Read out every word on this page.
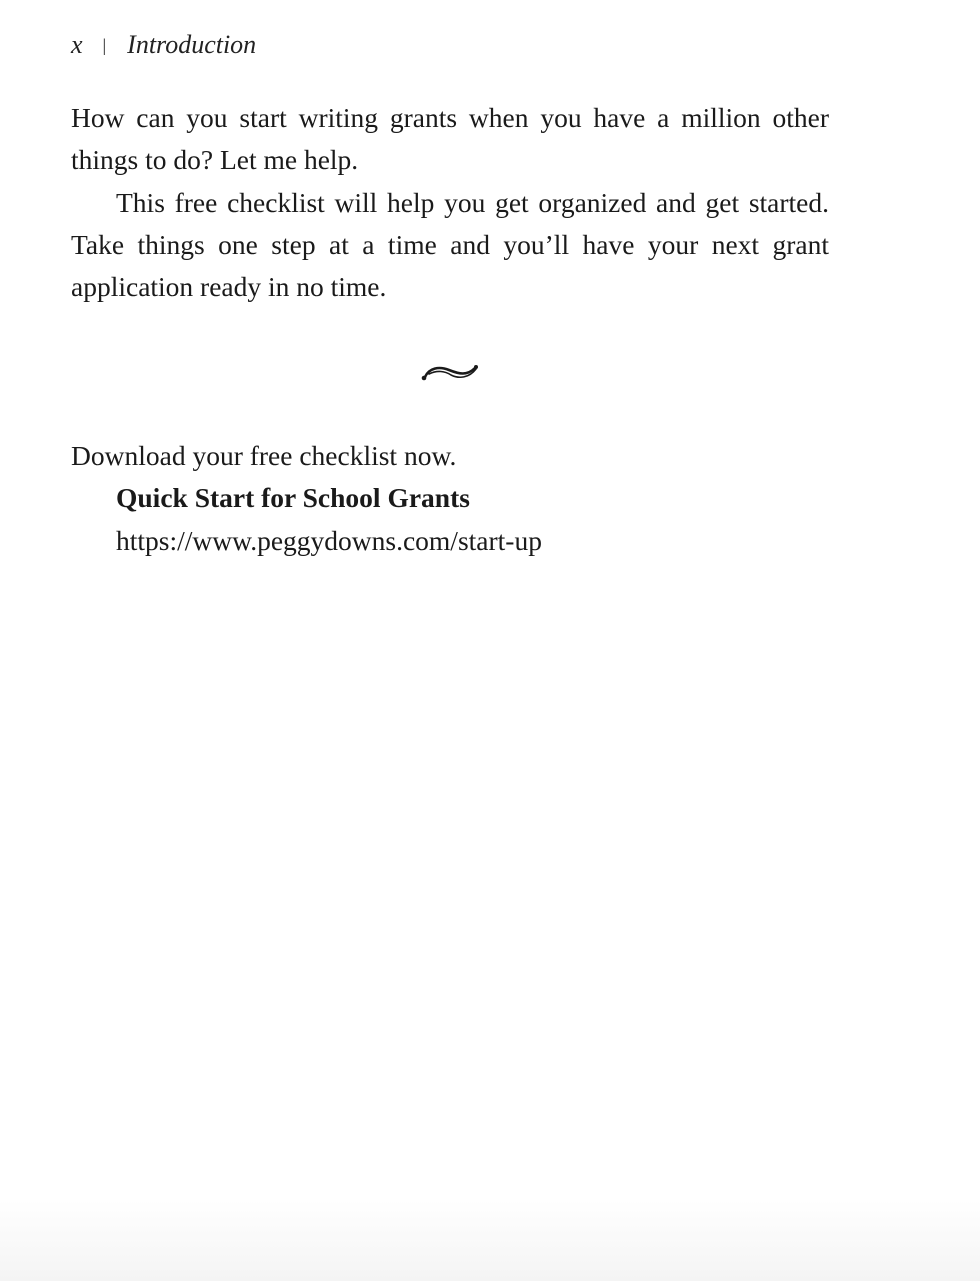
x | Introduction

How can you start writing grants when you have a million other things to do? Let me help.

This free checklist will help you get organized and get started. Take things one step at a time and you’ll have your next grant application ready in no time.

Download your free checklist now.
Quick Start for School Grants
https://www.peggydowns.com/start-up
